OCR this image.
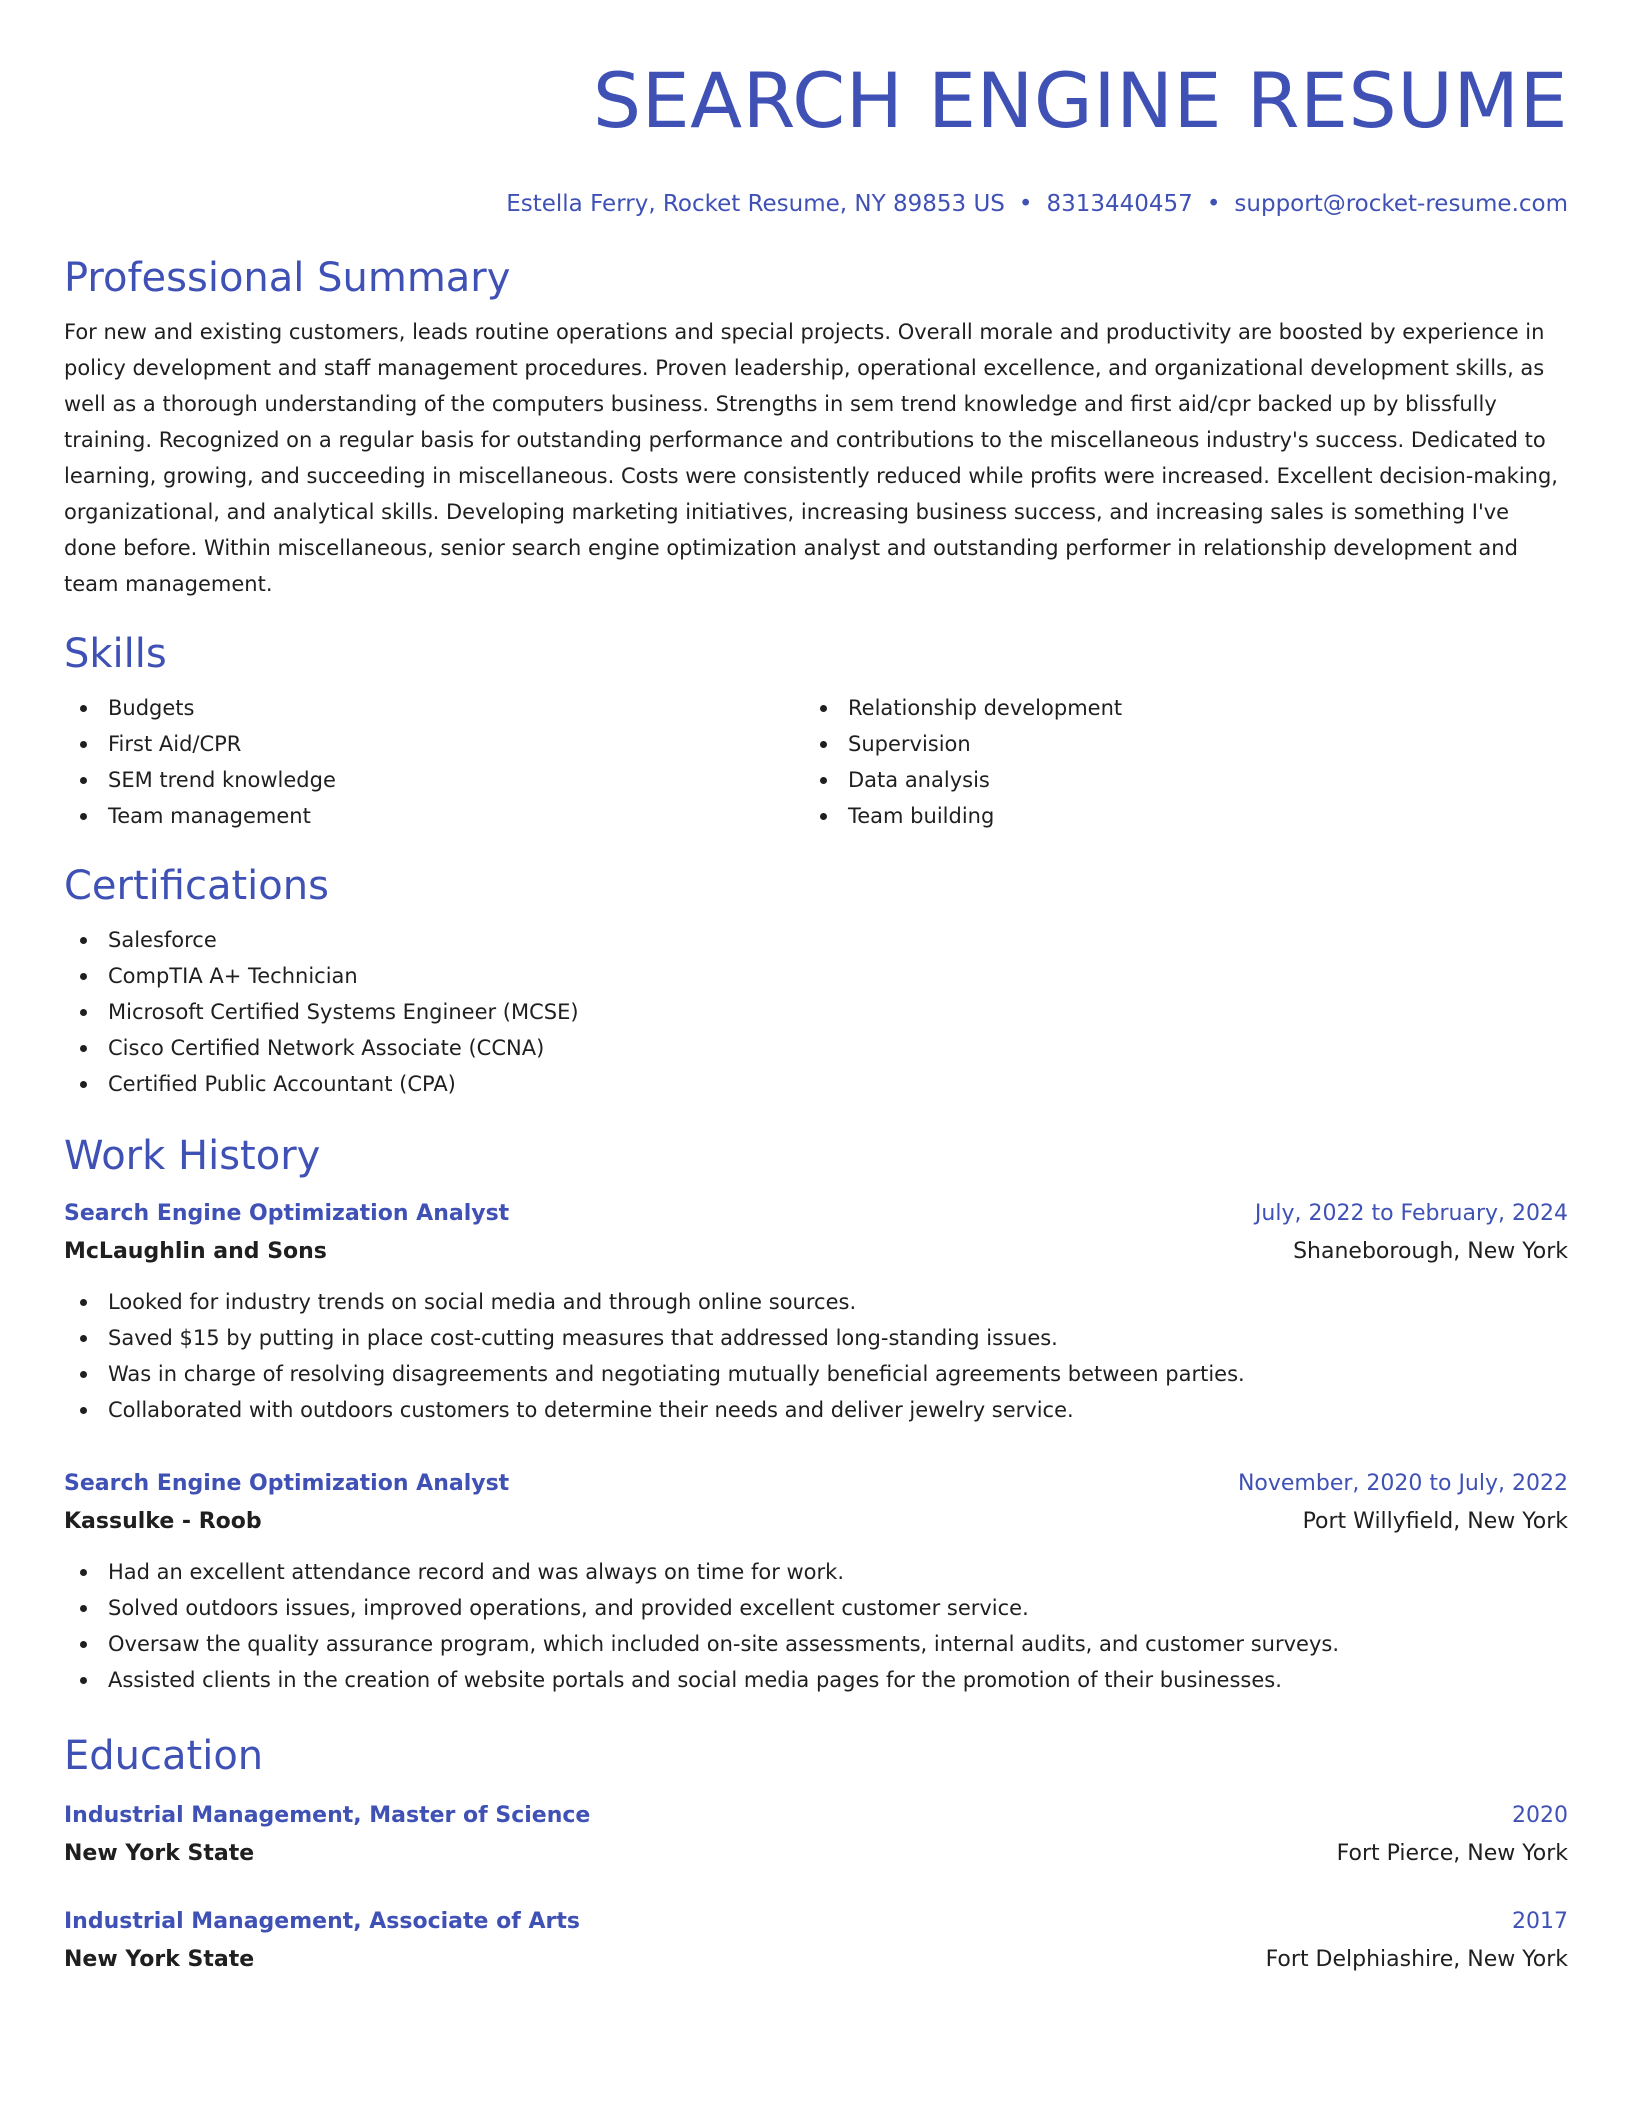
SEARCH ENGINE RESUME
Estella Ferry, Rocket Resume, NY 89853 US • 8313440457 • support@rocket-resume.com
Professional Summary

For new and existing customers, leads routine operations and special projects. Overall morale and productivity are boosted by experience in policy development and staff management procedures. Proven leadership, operational excellence, and organizational development skills, as well as a thorough understanding of the computers business. Strengths in sem trend knowledge and first aid/cpr backed up by blissfully training. Recognized on a regular basis for outstanding performance and contributions to the miscellaneous industry's success. Dedicated to learning, growing, and succeeding in miscellaneous. Costs were consistently reduced while profits were increased. Excellent decision-making, organizational, and analytical skills. Developing marketing initiatives, increasing business success, and increasing sales is something I've done before. Within miscellaneous, senior search engine optimization analyst and outstanding performer in relationship development and team management.

Skills
Budgets
First Aid/CPR
SEM trend knowledge
Team management
Relationship development
Supervision
Data analysis
Team building
Certifications
Salesforce
CompTIA A+ Technician
Microsoft Certified Systems Engineer (MCSE)
Cisco Certified Network Associate (CCNA)
Certified Public Accountant (CPA)
Work History
Search Engine Optimization Analyst	July, 2022 to February, 2024
McLaughlin and Sons	Shaneborough, New York
Looked for industry trends on social media and through online sources.
Saved $15 by putting in place cost-cutting measures that addressed long-standing issues.
Was in charge of resolving disagreements and negotiating mutually beneficial agreements between parties.
Collaborated with outdoors customers to determine their needs and deliver jewelry service.
Search Engine Optimization Analyst	November, 2020 to July, 2022
Kassulke - Roob	Port Willyfield, New York
Had an excellent attendance record and was always on time for work.
Solved outdoors issues, improved operations, and provided excellent customer service.
Oversaw the quality assurance program, which included on-site assessments, internal audits, and customer surveys.
Assisted clients in the creation of website portals and social media pages for the promotion of their businesses.
Education
Industrial Management, Master of Science	2020
New York State	Fort Pierce, New York
Industrial Management, Associate of Arts	2017
New York State	Fort Delphiashire, New York
